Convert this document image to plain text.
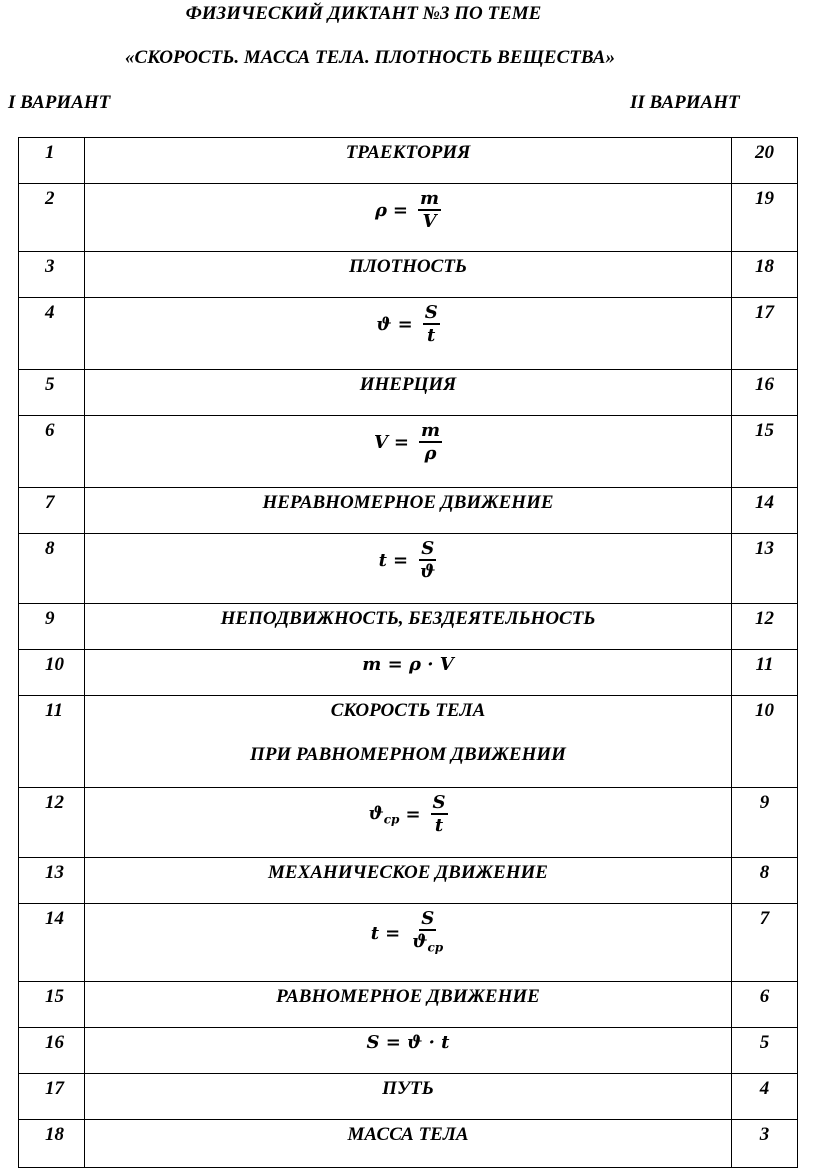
ФИЗИЧЕСКИЙ ДИКТАНТ №3 ПО ТЕМЕ
«СКОРОСТЬ. МАССА ТЕЛА. ПЛОТНОСТЬ ВЕЩЕСТВА»
I ВАРИАНТ	II ВАРИАНТ
1	ТРАЕКТОРИЯ	20
2	$\rho = \frac{m}{V}$	19
3	ПЛОТНОСТЬ	18
4	$ϑ = \frac{S}{t}$	17
5	ИНЕРЦИЯ	16
6	$V = \frac{m}{\rho}$	15
7	НЕРАВНОМЕРНОЕ ДВИЖЕНИЕ	14
8	$t = \frac{S}{ϑ}$	13
9	НЕПОДВИЖНОСТЬ, БЕЗДЕЯТЕЛЬНОСТЬ	12
10	m = ρ · V	11
11	СКОРОСТЬ ТЕЛА
ПРИ РАВНОМЕРНОМ ДВИЖЕНИИ	10
12	$ϑ_{ср} = \frac{S}{t}$	9
13	МЕХАНИЧЕСКОЕ ДВИЖЕНИЕ	8
14	$t = \frac{S}{ϑ_{ср}}$	7
15	РАВНОМЕРНОЕ ДВИЖЕНИЕ	6
16	S = ϑ · t	5
17	ПУТЬ	4
18	МАССА ТЕЛА	3
